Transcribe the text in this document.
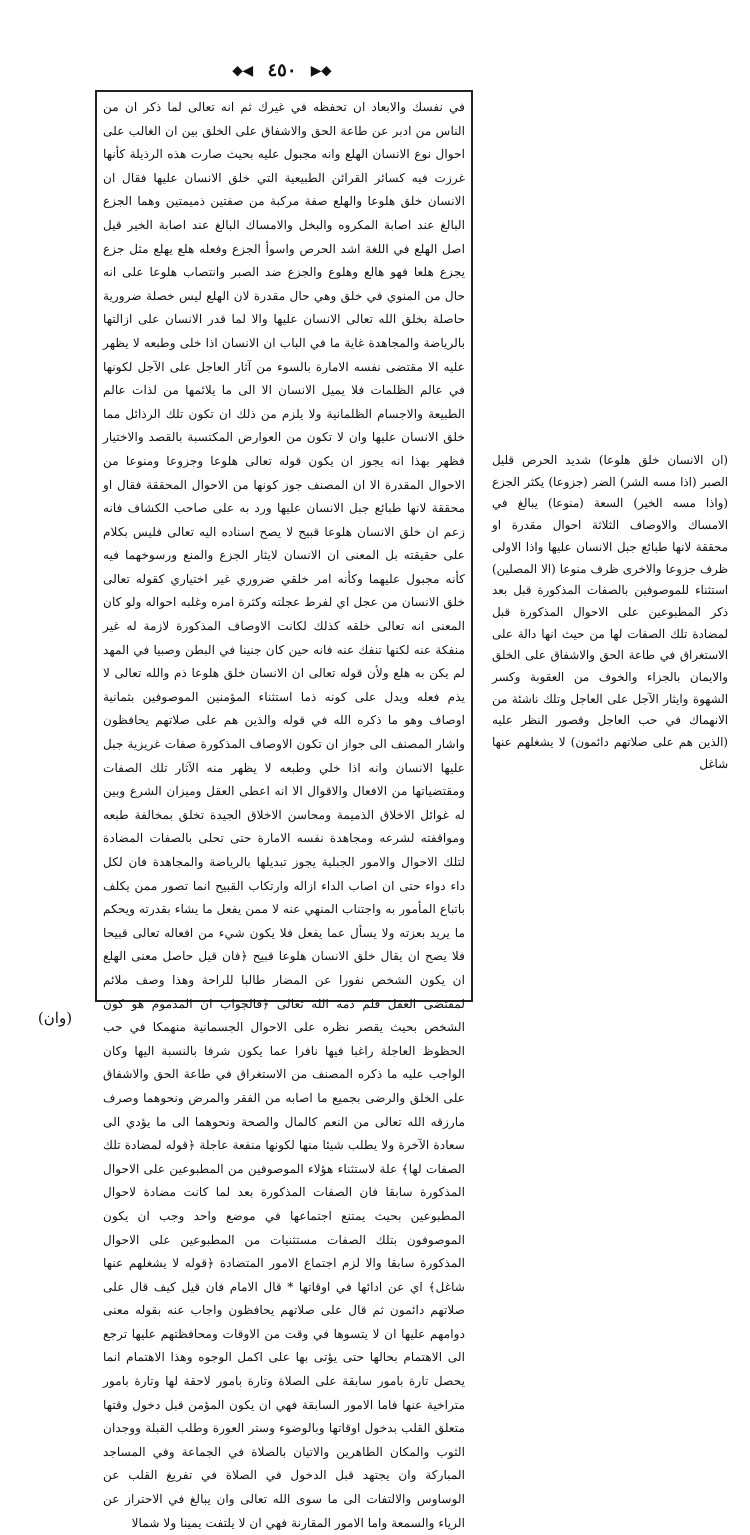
⬥◀ ٤٥٠ ▶⬥

في نفسك والابعاد ان تحفظه في غيرك ثم انه تعالى لما ذكر ان من الناس من ادبر عن طاعة الحق والاشفاق على الخلق بين ان الغالب على احوال نوع الانسان الهلع وانه مجبول عليه بحيث صارت هذه الرذيلة كأنها غرزت فيه كسائر القرائن الطبيعية التي خلق الانسان عليها فقال ان الانسان خلق هلوعا والهلع صفة مركبة من صفتين ذميمتين وهما الجزع البالغ عند اصابة المكروه والبخل والامساك البالغ عند اصابة الخير قيل اصل الهلع في اللغة اشد الحرص واسوأ الجزع وفعله هلع يهلع مثل جزع يجزع هلعا فهو هالع وهلوع والجزع ضد الصبر وانتصاب هلوعا على انه حال من المنوي في خلق وهي حال مقدرة لان الهلع ليس خصلة ضرورية حاصلة بخلق الله تعالى الانسان عليها والا لما قدر الانسان على ازالتها بالرياضة والمجاهدة غاية ما في الباب ان الانسان اذا خلى وطبعه لا يظهر عليه الا مقتضى نفسه الامارة بالسوء من آثار العاجل على الآجل لكونها في عالم الظلمات فلا يميل الانسان الا الى ما يلائمها من لذات عالم الطبيعة والاجسام الظلمانية ولا يلزم من ذلك ان تكون تلك الرذائل مما خلق الانسان عليها وان لا تكون من العوارض المكتسبة بالقصد والاختيار فظهر بهذا انه يجوز ان يكون قوله تعالى هلوعا وجزوعا ومنوعا من الاحوال المقدرة الا ان المصنف جوز كونها من الاحوال المحققة فقال او محققة لانها طبائع جبل الانسان عليها ورد به على صاحب الكشاف فانه زعم ان خلق الانسان هلوعا قبيح لا يصح اسناده اليه تعالى فليس بكلام على حقيقته بل المعنى ان الانسان لايثار الجزع والمنع ورسوخهما فيه كأنه مجبول عليهما وكأنه امر خلقي ضروري غير اختياري كقوله تعالى خلق الانسان من عجل اي لفرط عجلته وكثرة امره وغلبه احواله ولو كان المعنى انه تعالى خلقه كذلك لكانت الاوصاف المذكورة لازمة له غير منفكة عنه لكنها تنفك عنه فانه حين كان جنينا في البطن وصبيا في المهد لم يكن به هلع ولأن قوله تعالى ان الانسان خلق هلوعا ذم والله تعالى لا يذم فعله ويدل على كونه ذما استثناء المؤمنين الموصوفين بثمانية اوصاف وهو ما ذكره الله في قوله والذين هم على صلاتهم يحافظون واشار المصنف الى جواز ان تكون الاوصاف المذكورة صفات غريزية جبل عليها الانسان وانه اذا خلي وطبعه لا يظهر منه الآثار تلك الصفات ومقتضياتها من الافعال والاقوال الا انه اعطى العقل وميزان الشرع وبين له غوائل الاخلاق الذميمة ومحاسن الاخلاق الجيدة تخلق بمخالفة طبعه ومواقفته لشرعه ومجاهدة نفسه الامارة حتى تحلى بالصفات المضادة لتلك الاحوال والامور الجبلية يجوز تبديلها بالرياضة والمجاهدة فان لكل داء دواء حتى ان اصاب الداء ازاله وارتكاب القبيح انما تصور ممن يكلف باتباع المأمور به واجتناب المنهي عنه لا ممن يفعل ما يشاء بقدرته ويحكم ما يريد بعزته ولا يسأل عما يفعل فلا يكون شيء من افعاله تعالى قبيحا فلا يصح ان يقال خلق الانسان هلوعا قبيح ﴿فان قيل حاصل معنى الهلع ان يكون الشخص نفورا عن المضار طالبا للراحة وهذا وصف ملائم لمقتضى العقل فلم ذمه الله تعالى ﴿فالجواب ان المذموم هو كون الشخص بحيث يقصر نظره على الاحوال الجسمانية منهمكا في حب الحظوظ العاجلة راغبا فيها نافرا عما يكون شرفا بالنسبة اليها وكان الواجب عليه ما ذكره المصنف من الاستغراق في طاعة الحق والاشفاق على الخلق والرضى بجميع ما اصابه من الفقر والمرض ونحوهما وصرف مارزقه الله تعالى من النعم كالمال والصحة ونحوهما الى ما يؤدي الى سعادة الآخرة ولا يطلب شيئا منها لكونها منفعة عاجلة ﴿قوله لمضادة تلك الصفات لها﴾ علة لاستثناء هؤلاء الموصوفين من المطبوعين على الاحوال المذكورة سابقا فان الصفات المذكورة بعد لما كانت مضادة لاحوال المطبوعين بحيث يمتنع اجتماعها في موضع واحد وجب ان يكون الموصوفون بتلك الصفات مستثنيات من المطبوعين على الاحوال المذكورة سابقا والا لزم اجتماع الامور المتضادة ﴿قوله لا يشغلهم عنها شاغل﴾ اي عن ادائها في اوقاتها * قال الامام فان قيل كيف قال على صلاتهم دائمون ثم قال على صلاتهم يحافظون واجاب عنه بقوله معنى دوامهم عليها ان لا يتسوها في وقت من الاوقات ومحافظتهم عليها ترجع الى الاهتمام بحالها حتى يؤتى بها على اكمل الوجوه وهذا الاهتمام انما يحصل تارة بامور سابقة على الصلاة وتارة بامور لاحقة لها وتارة بامور متراخية عنها فاما الامور السابقة فهي ان يكون المؤمن قبل دخول وقتها متعلق القلب بدخول اوقاتها وبالوضوء وستر العورة وطلب القبلة ووجدان الثوب والمكان الطاهرين والاتيان بالصلاة في الجماعة وفي المساجد المباركة وان يجتهد قبل الدخول في الصلاة في تفريغ القلب عن الوساوس والالتفات الى ما سوى الله تعالى وان يبالغ في الاحتراز عن الرياء والسمعة واما الامور المقارنة فهي ان لا يلتفت يمينا ولا شمالا

(ان الانسان خلق هلوعا) شديد الحرص قليل الصبر (اذا مسه الشر) الضر (جزوعا) يكثر الجزع (واذا مسه الخير) السعة (منوعا) يبالغ في الامساك والاوصاف الثلاثة احوال مقدرة او محققة لانها طبائع جبل الانسان عليها واذا الاولى ظرف جزوعا والاخرى ظرف منوعا (الا المصلين) استثناء للموصوفين بالصفات المذكورة قبل بعد ذكر المطبوعين على الاحوال المذكورة قبل لمضادة تلك الصفات لها من حيث انها دالة على الاستغراق في طاعة الحق والاشفاق على الخلق والايمان بالجزاء والخوف من العقوبة وكسر الشهوة وايثار الآجل على العاجل وتلك ناشئة من الانهماك في حب العاجل وقصور النظر عليه (الذين هم على صلاتهم دائمون) لا يشغلهم عنها شاغل

(وان)
